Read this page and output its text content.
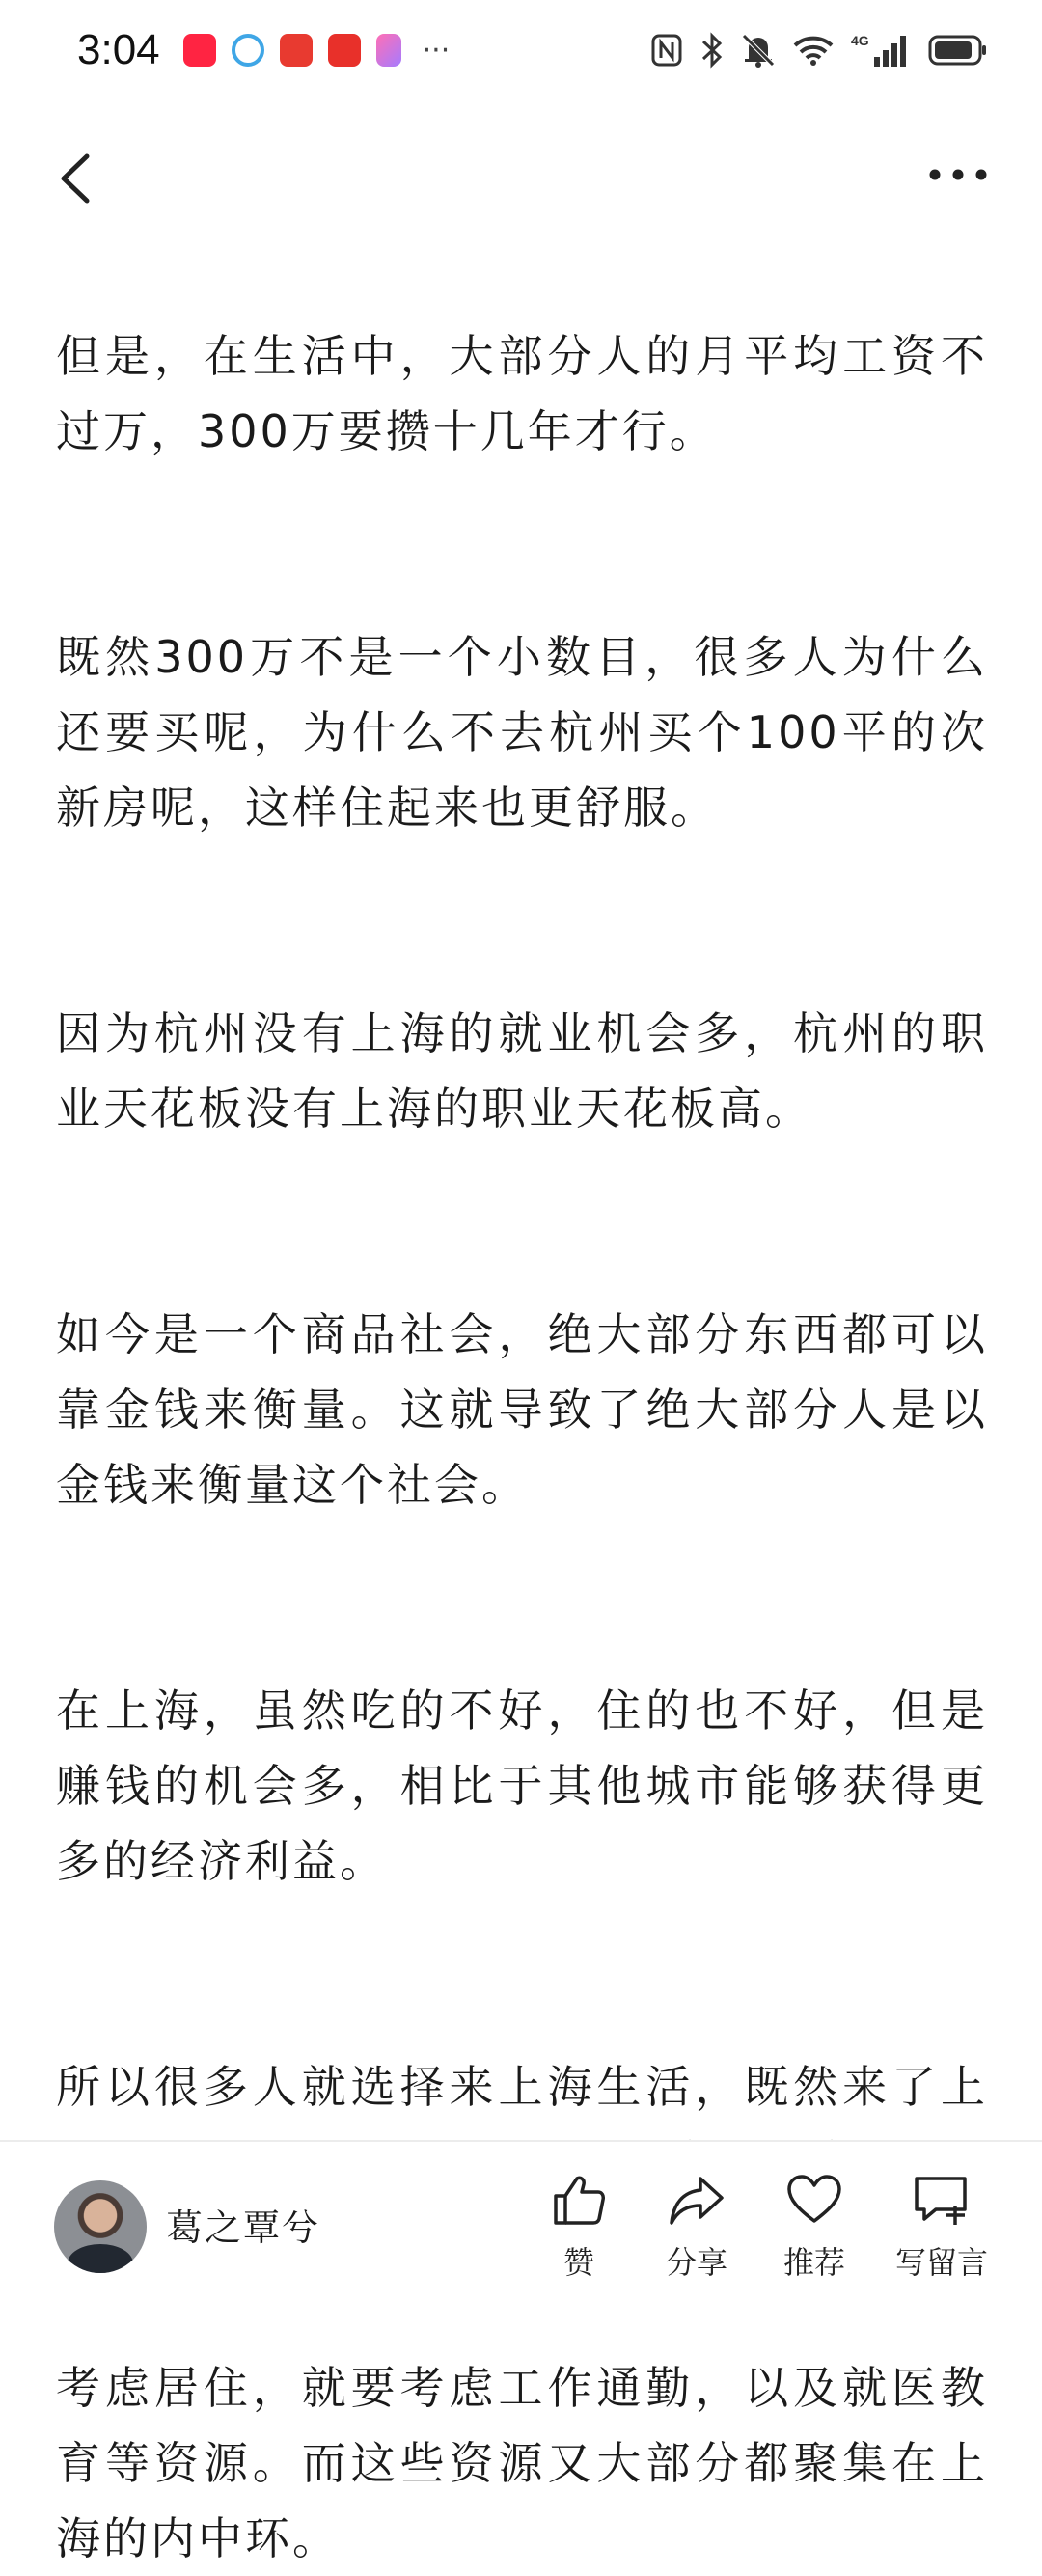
3:04	···	4G

但是，在生活中，大部分人的月平均工资不过万，300万要攒十几年才行。

既然300万不是一个小数目，很多人为什么还要买呢，为什么不去杭州买个100平的次新房呢，这样住起来也更舒服。

因为杭州没有上海的就业机会多，杭州的职业天花板没有上海的职业天花板高。

如今是一个商品社会，绝大部分东西都可以靠金钱来衡量。这就导致了绝大部分人是以金钱来衡量这个社会。

在上海，虽然吃的不好，住的也不好，但是赚钱的机会多，相比于其他城市能够获得更多的经济利益。

所以很多人就选择来上海生活，既然来了上

考虑居住，就要考虑工作通勤，以及就医教育等资源。而这些资源又大部分都聚集在上海的内中环。

葛之覃兮
赞	分享	推荐	写留言
